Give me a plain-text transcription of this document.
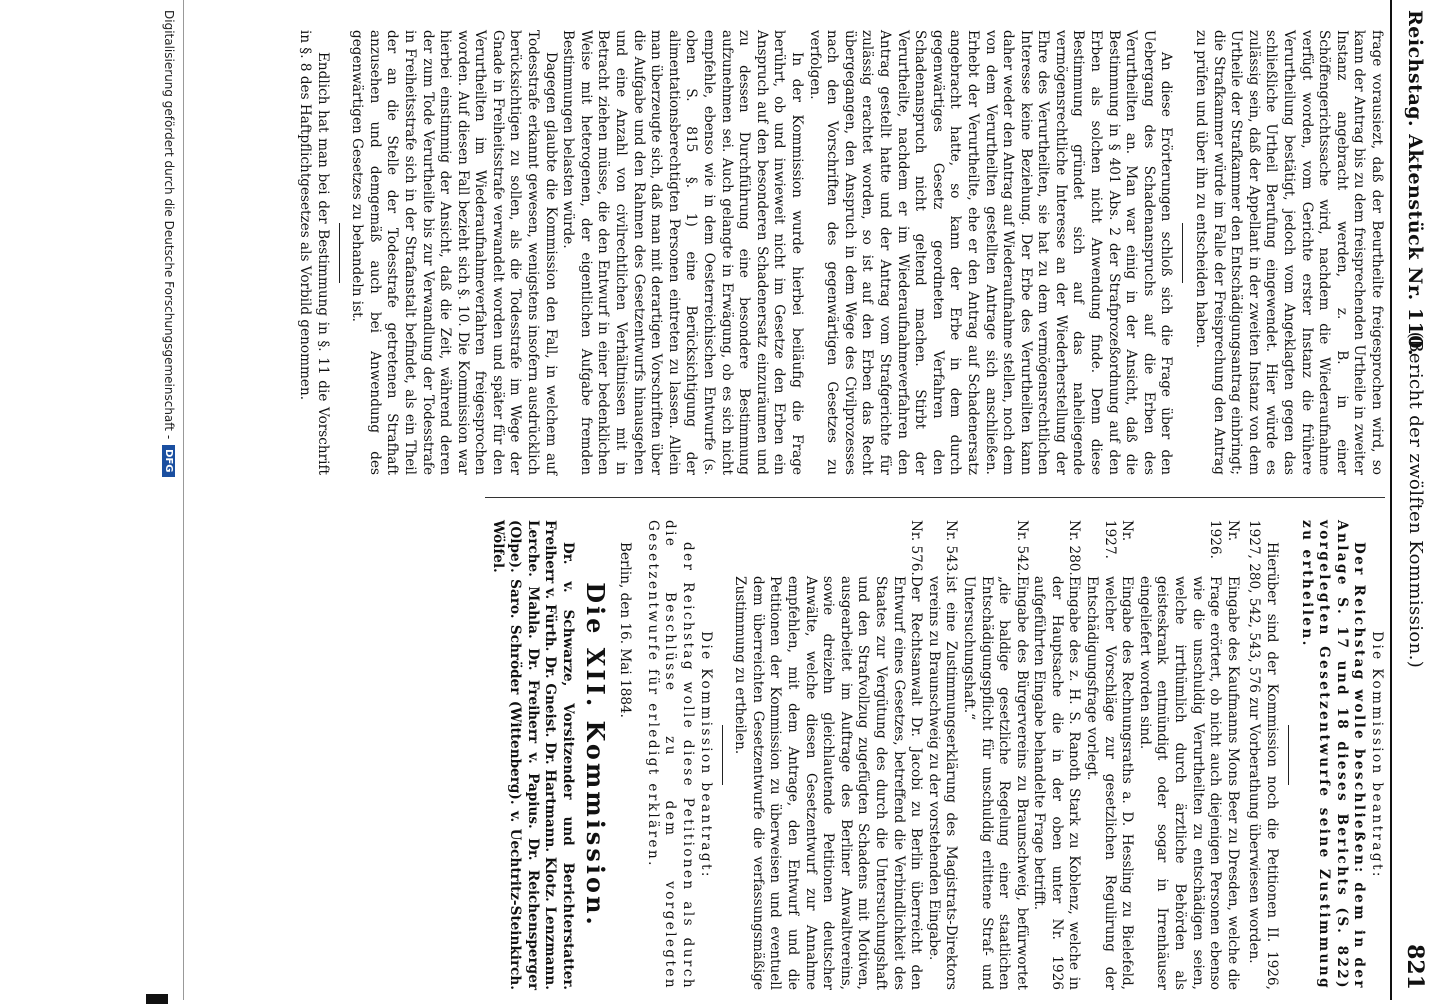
Reichstag. Aktenstück Nr. 110.
(Bericht der zwölften Kommission.)
821

frage vorausiezt, daß der Beurtheilte freigesprochen wird, so kann der Antrag bis zu dem freisprechenden Urtheile in zweiter Instanz angebracht werden, z. B. in einer Schöffengerichtssache wird, nachdem die Wiederaufnahme verfügt worden, vom Gerichte erster Instanz die frühere Verurtheilung bestätigt, jedoch vom Angeklagten gegen das schließliche Urtheil Berufung eingewendet. Hier würde es zulässig sein, daß der Appellant in der zweiten Instanz von dem Urtheile der Strafkammer den Entschädigungsantrag einbringt; die Strafkammer würde im Falle der Freisprechung den Antrag zu prüfen und über ihn zu entscheiden haben.

An diese Erörterungen schloß sich die Frage über den Uebergang des Schadenanspruchs auf die Erben des Verurtheilten an. Man war einig in der Ansicht, daß die Bestimmung in § 401 Abs. 2 der Strafprozeßordnung auf den Erben als solchen nicht Anwendung finde. Denn diese Bestimmung gründet sich auf das naheliegende vermögensrechtliche Interesse an der Wiederherstellung der Ehre des Verurtheilten, sie hat zu dem vermögensrechtlichen Interesse keine Beziehung. Der Erbe des Verurtheilten kann daher weder den Antrag auf Wiederaufnahme stellen, noch dem von dem Verurtheilten gestellten Antrage sich anschließen. Erhebt der Verurtheilte, ehe er den Antrag auf Schadenersatz angebracht hatte, so kann der Erbe in dem durch gegenwärtiges Gesetz geordneten Verfahren den Schadenanspruch nicht geltend machen. Stirbt der Verurtheilte, nachdem er im Wiederaufnahmeverfahren den Antrag gestellt hatte und der Antrag vom Strafgerichte für zulässig erachtet worden, so ist auf den Erben das Recht übergegangen, den Anspruch in dem Wege des Civilprozesses nach den Vorschriften des gegenwärtigen Gesetzes zu verfolgen.

In der Kommission wurde hierbei beiläufig die Frage berührt, ob und inwieweit nicht im Gesetze den Erben ein Anspruch auf den besonderen Schadenersatz einzuräumen und zu dessen Durchführung eine besondere Bestimmung aufzunehmen sei. Auch gelangte in Erwägung, ob es sich nicht empfehle, ebenso wie in dem Oesterreichischen Entwurfe (s. oben S. 815 §. 1) eine Berücksichtigung der alimentationsberechtigten Personen eintreten zu lassen. Allein man überzeugte sich, daß man mit derartigen Vorschriften über die Aufgabe und den Rahmen des Gesetzentwurfs hinausgehen und eine Anzahl von civilrechtlichen Verhältnissen mit in Betracht ziehen müsse, die den Entwurf in einer bedenklichen Weise mit heterogenen, der eigentlichen Aufgabe fremden Bestimmungen belasten würde.

Dagegen glaubte die Kommission den Fall, in welchem auf Todesstrafe erkannt gewesen, wenigstens insofern ausdrücklich berücksichtigen zu sollen, als die Todesstrafe im Wege der Gnade in Freiheitsstrafe verwandelt worden und später für den Verurtheilten im Wiederaufnahmeverfahren freigesprochen worden. Auf diesen Fall bezieht sich §. 10. Die Kommission war hierbei einstimmig der Ansicht, daß die Zeit, während deren der zum Tode Verurtheilte bis zur Verwandlung der Todesstrafe in Freiheitsstrafe sich in der Strafanstalt befindet, als ein Theil der an die Stelle der Todesstrafe getretenen Strafhaft anzusehen und demgemäß auch bei Anwendung des gegenwärtigen Gesetzes zu behandeln ist.

Endlich hat man bei der Bestimmung in §. 11 die Vorschrift in §. 8 des Haftpflichtgesetzes als Vorbild genommen.

Die Kommission beantragt:

Der Reichstag wolle beschließen: dem in der Anlage S. 17 und 18 dieses Berichts (S. 822) vorgelegten Gesetzentwurfe seine Zustimmung zu ertheilen.

Hierüber sind der Kommission noch die Petitionen II. 1926, 1927, 280, 542, 543, 576 zur Vorberathung überwiesen worden.

Nr. 1926.
Eingabe des Kaufmanns Mons Beer zu Dresden, welche die Frage erörtert, ob nicht auch diejenigen Personen ebenso wie die unschuldig Verurtheilten zu entschädigen seien, welche irrthümlich durch ärztliche Behörden als geisteskrank entmündigt oder sogar in Irrenhäuser eingeliefert worden sind.
Nr. 1927.
Eingabe des Rechnungsraths a. D. Hessling zu Bielefeld, welcher Vorschläge zur gesetzlichen Regulirung der Entschädigungsfrage vorlegt.
Nr. 280.
Eingabe des z. H. S. Ranoth Stark zu Koblenz, welche in der Hauptsache die in der oben unter Nr. 1926 aufgeführten Eingabe behandelte Frage betrifft.
Nr. 542.
Eingabe des Bürgervereins zu Braunschweig, befürwortet „die baldige gesetzliche Regelung einer staatlichen Entschädigungspflicht für unschuldig erlittene Straf- und Untersuchungshaft.“
Nr. 543.
ist eine Zustimmungserklärung des Magistrats-Direktors vereins zu Braunschweig zu der vorstehenden Eingabe.
Nr. 576.
Der Rechtsanwalt Dr. Jacobi zu Berlin überreicht den Entwurf eines Gesetzes, betreffend die Verbindlichkeit des Staates zur Vergütung des durch die Untersuchungshaft und den Strafvollzug zugefügten Schadens mit Motiven, ausgearbeitet im Auftrage des Berliner Anwaltvereins, sowie dreizehn gleichlautende Petitionen deutscher Anwälte, welche diesen Gesetzentwurf zur Annahme empfehlen, mit dem Antrage, den Entwurf und die Petitionen der Kommission zu überweisen und eventuell dem überreichten Gesetzentwurfe die verfassungsmäßige Zustimmung zu ertheilen.

Die Kommission beantragt:

der Reichstag wolle diese Petitionen als durch die Beschlüsse zu dem vorgelegten Gesetzentwurfe für erledigt erklären.

Berlin, den 16. Mai 1884.

Die XII. Kommission.

Dr. v. Schwarze, Vorsitzender und Berichterstatter. Freiherr v. Fürth. Dr. Gneist. Dr. Hartmann. Klotz. Lenzmann. Lerche. Mahla. Dr. Freiherr v. Papius. Dr. Reichensperger (Olpe). Saro. Schröder (Wittenberg). v. Uechtritz-Steinkirch. Wölfel.

Digitalisierung gefördert durch die Deutsche Forschungsgemeinschaft -
DFG
